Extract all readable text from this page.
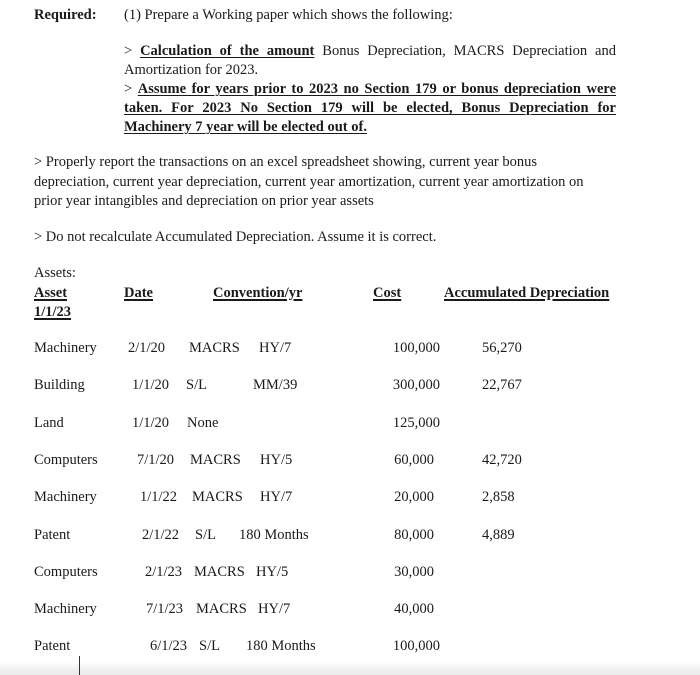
Required: (1) Prepare a Working paper which shows the following:

> Calculation of the amount Bonus Depreciation, MACRS Depreciation and Amortization for 2023.

> Assume for years prior to 2023 no Section 179 or bonus depreciation were taken. For 2023 No Section 179 will be elected, Bonus Depreciation for Machinery 7 year will be elected out of.

> Properly report the transactions on an excel spreadsheet showing, current year bonus depreciation, current year depreciation, current year amortization, current year amortization on prior year intangibles and depreciation on prior year assets

> Do not recalculate Accumulated Depreciation. Assume it is correct.
Assets:
Asset
1/1/23
Date	Convention/yr	Cost	Accumulated Depreciation
Machinery 2/1/20 MACRS HY/7	100,000	56,270
Building	1/1/20 S/L	MM/39	300,000	22,767
Land	1/1/20 None	125,000
Computers	7/1/20 MACRS HY/5	60,000	42,720
Machinery	1/1/22 MACRS HY/7	20,000	2,858
Patent	2/1/22 S/L 180 Months	80,000	4,889
Computers	2/1/23 MACRS HY/5	30,000
Machinery	7/1/23 MACRS HY/7	40,000
Patent	6/1/23 S/L 180 Months	100,000
